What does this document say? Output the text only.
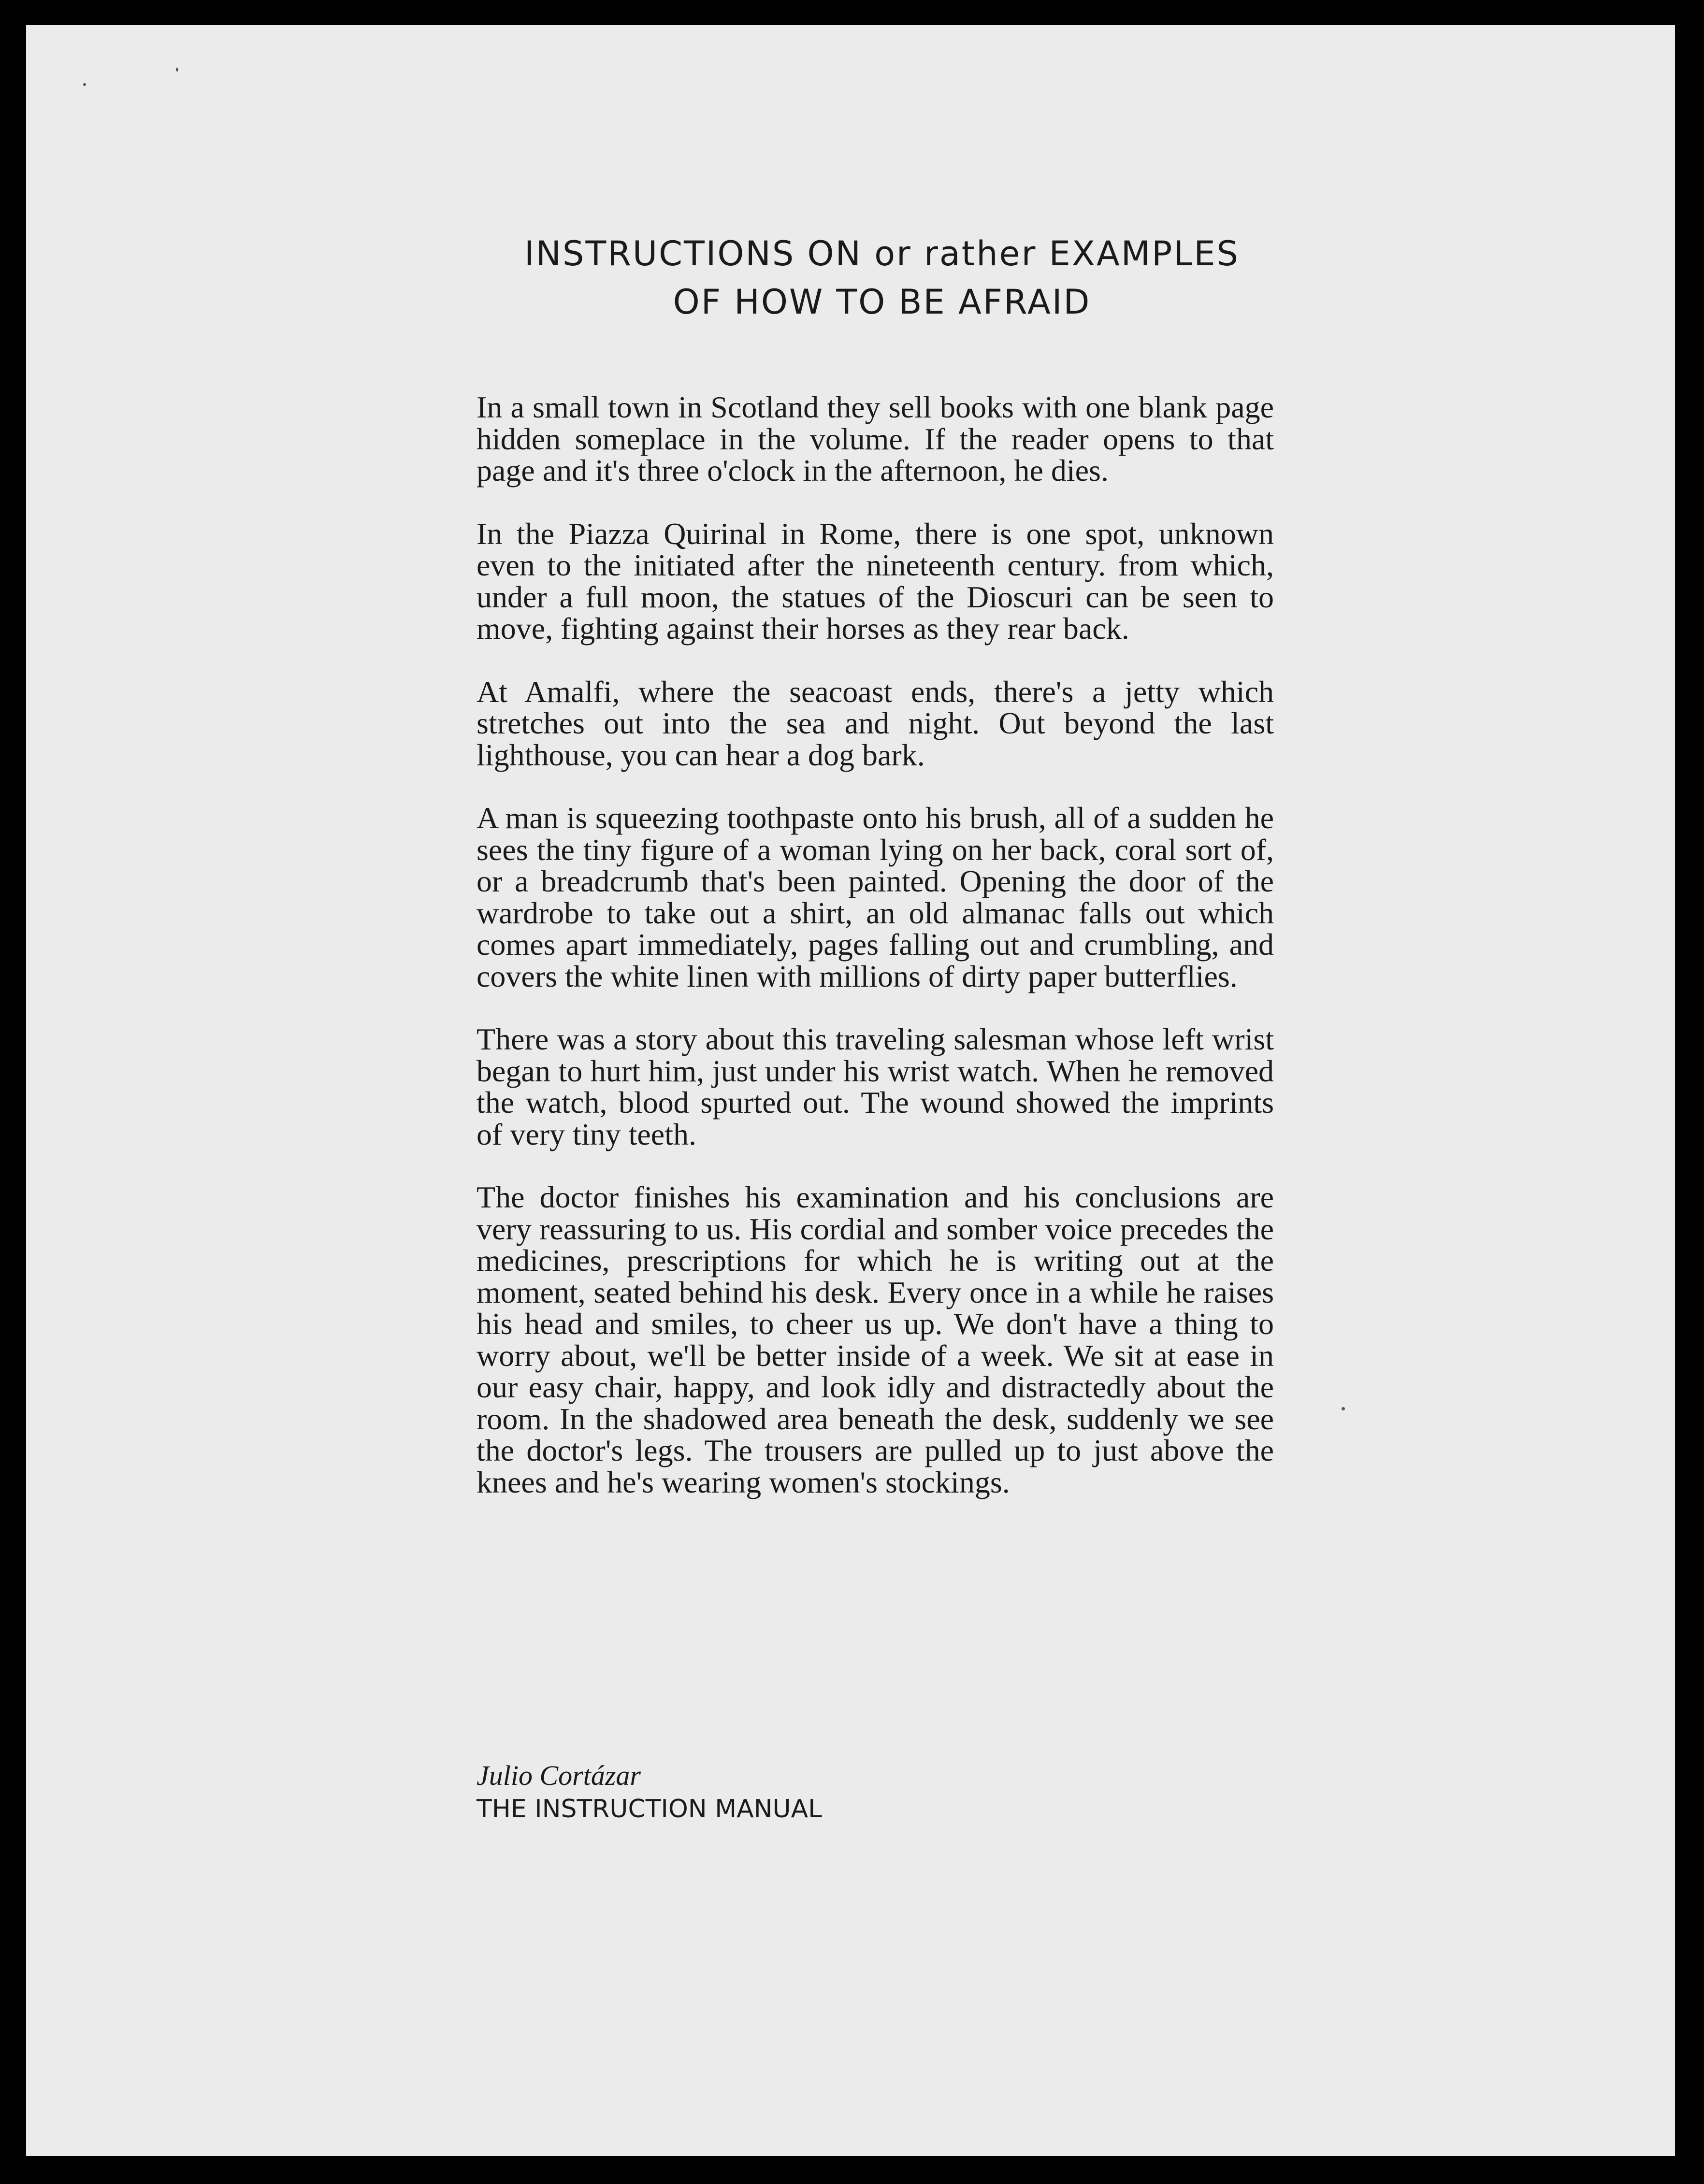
INSTRUCTIONS ON or rather EXAMPLES
OF HOW TO BE AFRAID

In a small town in Scotland they sell books with one blank page hidden someplace in the volume. If the reader opens to that page and it's three o'clock in the afternoon, he dies.

In the Piazza Quirinal in Rome, there is one spot, unknown even to the initiated after the nineteenth century. from which, under a full moon, the statues of the Dioscuri can be seen to move, fighting against their horses as they rear back.

At Amalfi, where the seacoast ends, there's a jetty which stretches out into the sea and night. Out beyond the last lighthouse, you can hear a dog bark.

A man is squeezing toothpaste onto his brush, all of a sudden he sees the tiny figure of a woman lying on her back, coral sort of, or a breadcrumb that's been painted. Opening the door of the wardrobe to take out a shirt, an old almanac falls out which comes apart immediately, pages falling out and crumbling, and covers the white linen with millions of dirty paper butterflies.

There was a story about this traveling salesman whose left wrist began to hurt him, just under his wrist watch. When he removed the watch, blood spurted out. The wound showed the imprints of very tiny teeth.

The doctor finishes his examination and his conclusions are very reassuring to us. His cordial and somber voice precedes the medicines, prescriptions for which he is writing out at the moment, seated behind his desk. Every once in a while he raises his head and smiles, to cheer us up. We don't have a thing to worry about, we'll be better inside of a week. We sit at ease in our easy chair, happy, and look idly and distractedly about the room. In the shadowed area beneath the desk, suddenly we see the doctor's legs. The trousers are pulled up to just above the knees and he's wearing women's stockings.

Julio Cortázar
THE INSTRUCTION MANUAL
